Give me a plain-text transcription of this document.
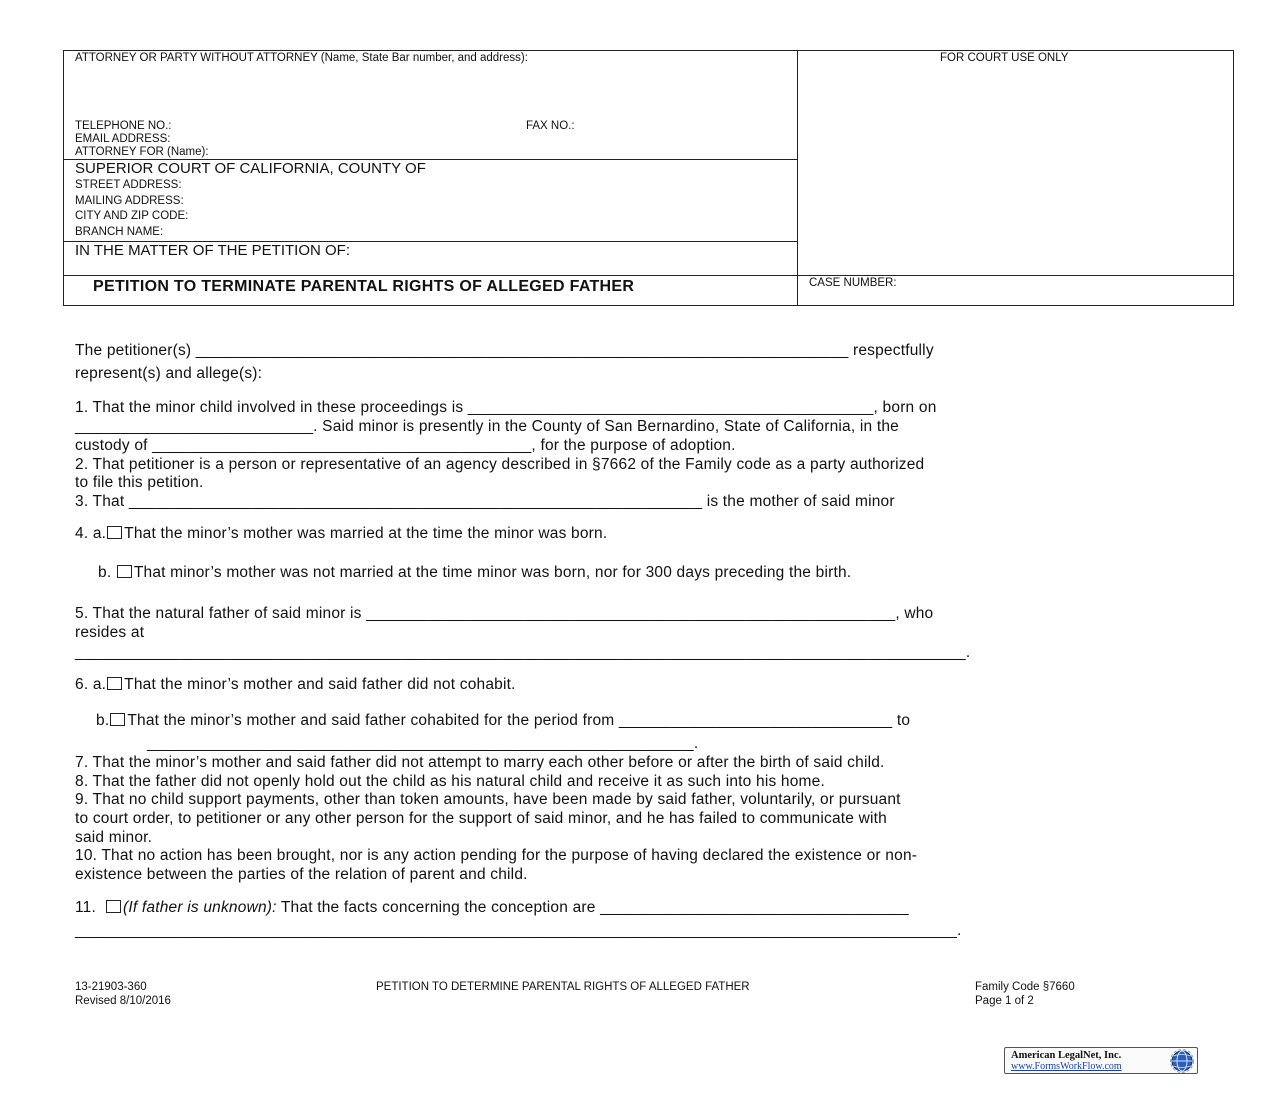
ATTORNEY OR PARTY WITHOUT ATTORNEY (Name, State Bar number, and address):	FOR COURT USE ONLY
TELEPHONE NO.:	FAX NO.:
EMAIL ADDRESS:
ATTORNEY FOR (Name):
SUPERIOR COURT OF CALIFORNIA, COUNTY OF
STREET ADDRESS:
MAILING ADDRESS:
CITY AND ZIP CODE:
BRANCH NAME:
IN THE MATTER OF THE PETITION OF:
PETITION TO TERMINATE PARENTAL RIGHTS OF ALLEGED FATHER	CASE NUMBER:
The petitioner(s) __________________________________________________________________________ respectfully
represent(s) and allege(s):
1. That the minor child involved in these proceedings is ______________________________________________, born on
___________________________. Said minor is presently in the County of San Bernardino, State of California, in the
custody of ___________________________________________, for the purpose of adoption.
2. That petitioner is a person or representative of an agency described in §7662 of the Family code as a party authorized
to file this petition.
3. That _________________________________________________________________ is the mother of said minor
4. a. That the minor’s mother was married at the time the minor was born.
b. That minor’s mother was not married at the time minor was born, nor for 300 days preceding the birth.
5. That the natural father of said minor is ____________________________________________________________, who
resides at
_____________________________________________________________________________________________________.
6. a. That the minor’s mother and said father did not cohabit.
b. That the minor’s mother and said father cohabited for the period from _______________________________ to
______________________________________________________________.
7. That the minor’s mother and said father did not attempt to marry each other before or after the birth of said child.
8. That the father did not openly hold out the child as his natural child and receive it as such into his home.
9. That no child support payments, other than token amounts, have been made by said father, voluntarily, or pursuant
to court order, to petitioner or any other person for the support of said minor, and he has failed to communicate with
said minor.
10. That no action has been brought, nor is any action pending for the purpose of having declared the existence or non-
existence between the parties of the relation of parent and child.
11. (If father is unknown): That the facts concerning the conception are ___________________________________
____________________________________________________________________________________________________.
13-21903-360
Revised 8/10/2016
PETITION TO DETERMINE PARENTAL RIGHTS OF ALLEGED FATHER	Family Code §7660
Page 1 of 2
American LegalNet, Inc.
www.FormsWorkFlow.com
